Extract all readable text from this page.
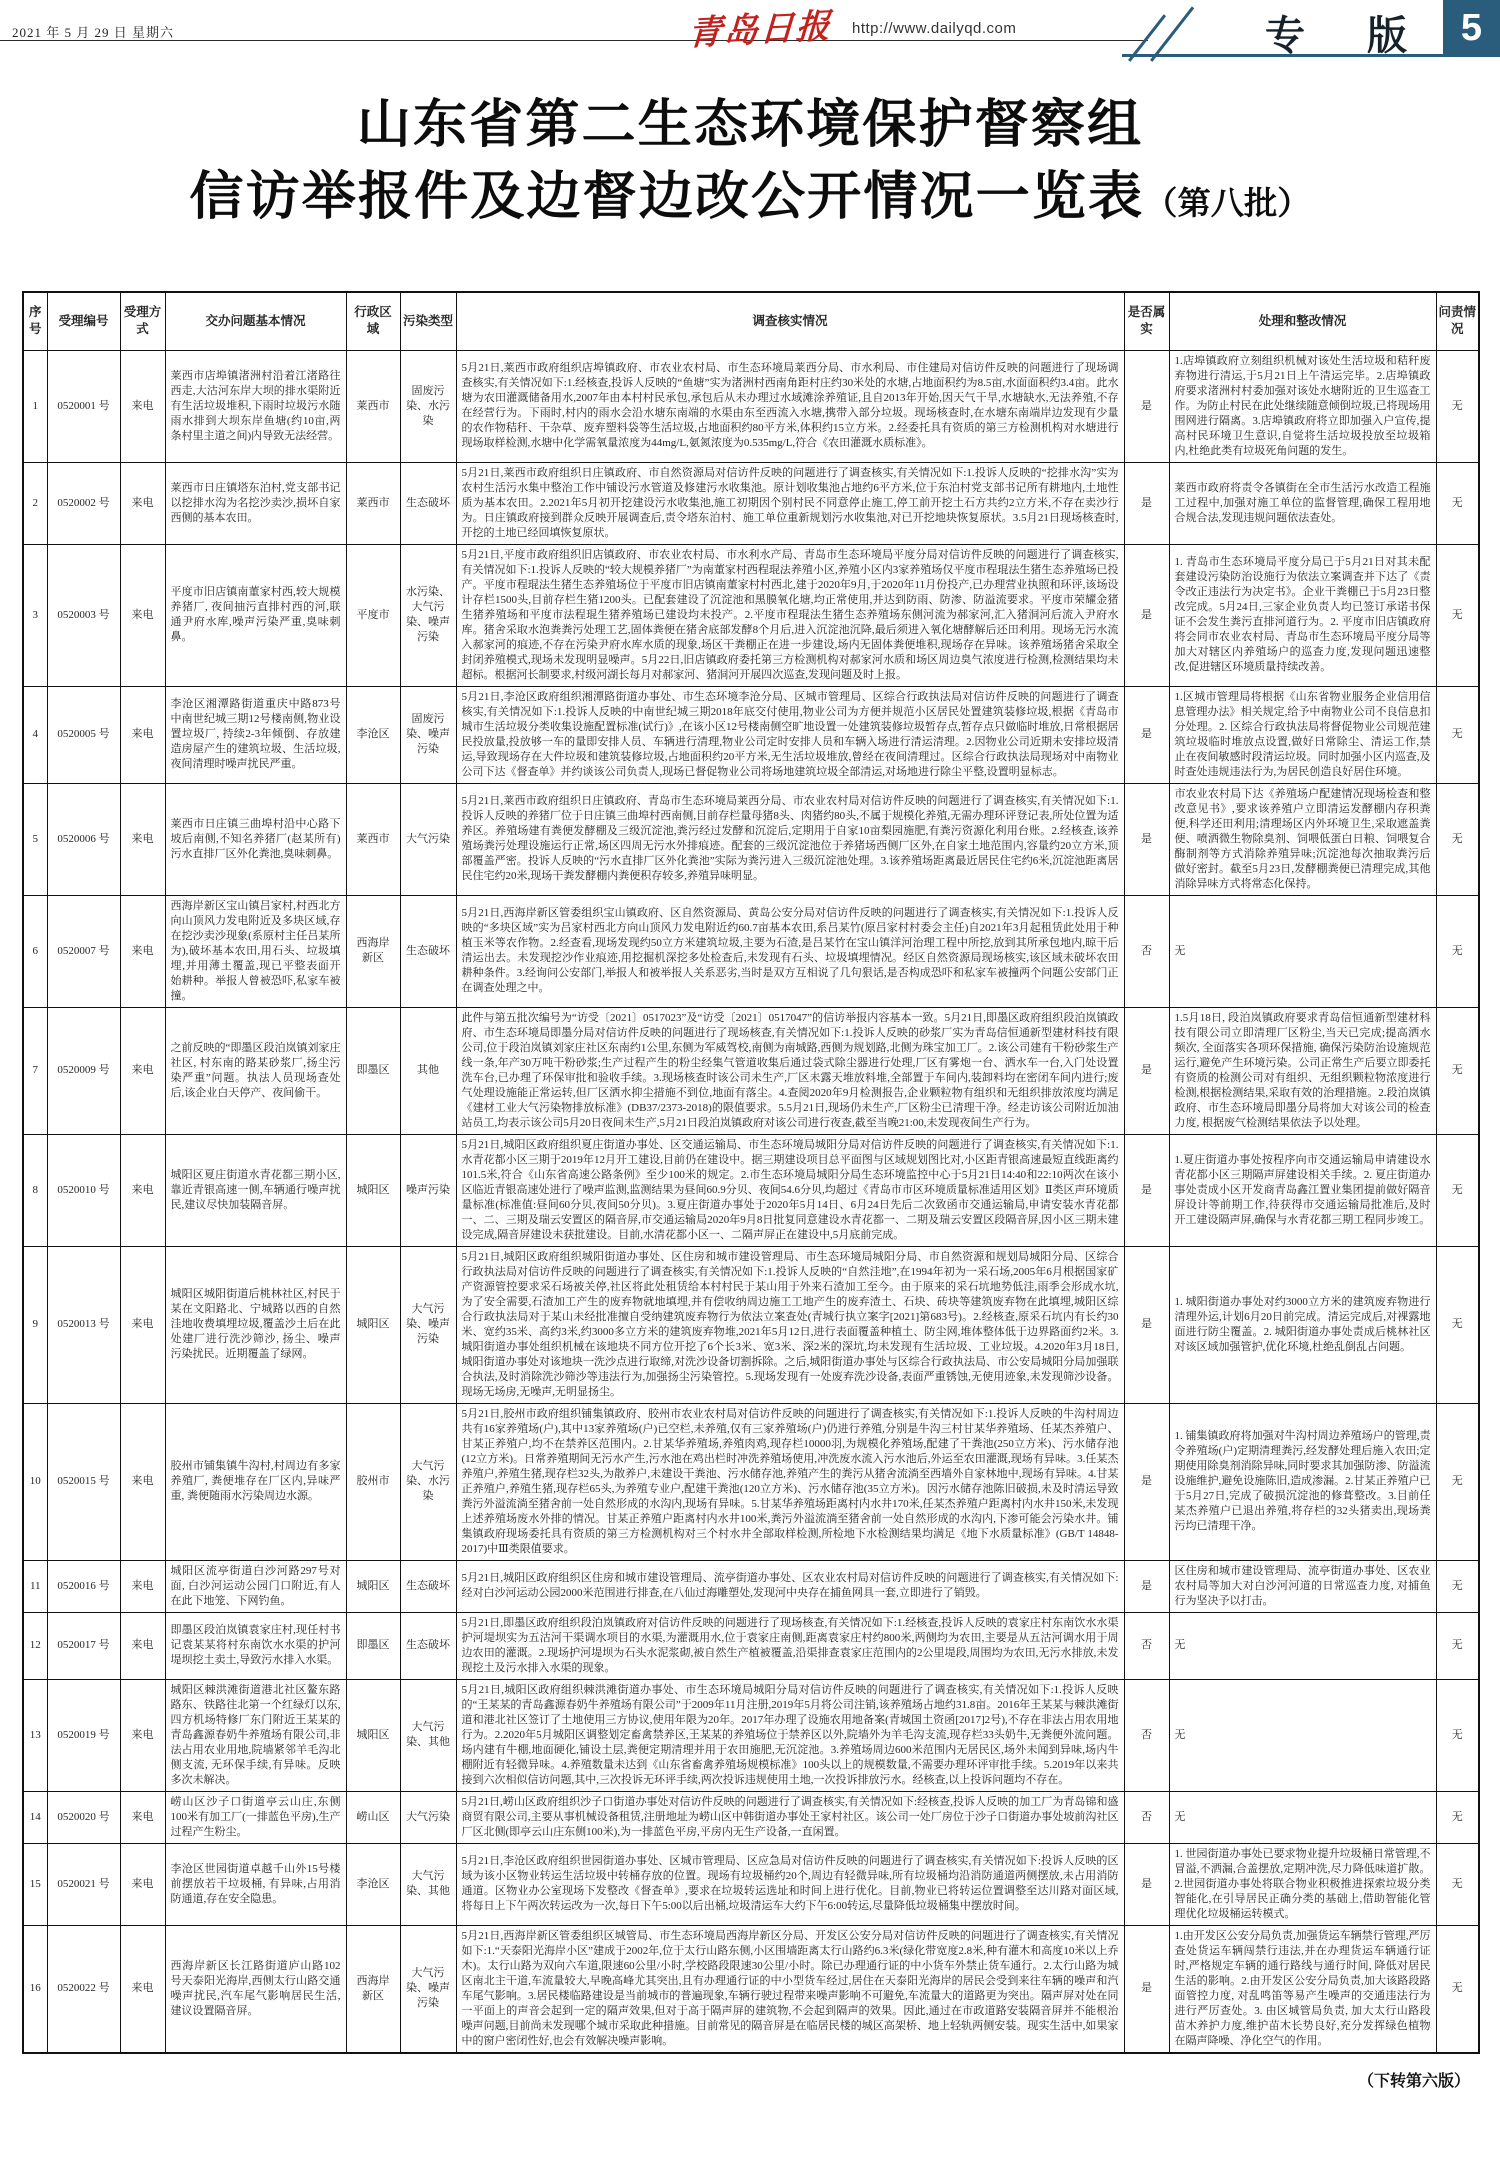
2021 年 5 月 29 日 星期六	青岛日报 http://www.dailyqd.com	专 版 5
山东省第二生态环境保护督察组
信访举报件及边督边改公开情况一览表（第八批）
序号	受理编号	受理方式	交办问题基本情况	行政区域	污染类型	调查核实情况	是否属实	处理和整改情况	问责情况
1	0520001 号	来电	莱西市店埠镇渚洲村沿着江渚路往西走,大沽河东岸大坝的排水渠附近有生活垃圾堆积,下雨时垃圾污水随雨水排到大坝东岸鱼塘(约10亩,两条村里主道之间)内导致无法经营。	莱西市	固废污染、水污染	5月21日,莱西市政府组织店埠镇政府、市农业农村局、市生态环境局莱西分局、市水利局、市住建局对信访件反映的问题进行了现场调查核实,有关情况如下:1.经核查,投诉人反映的“鱼塘”实为渚洲村西南角距村庄约30米处的水塘,占地面积约为8.5亩,水面面积约3.4亩。此水塘为农田灌溉储备用水,2007年由本村村民承包,承包后从未办理过水域滩涂养殖证,且自2013年开始,因天气干旱,水塘缺水,无法养殖,不存在经营行为。下雨时,村内的雨水会沿水塘东南端的水渠由东至西流入水塘,携带入部分垃圾。现场核查时,在水塘东南端岸边发现有少量的农作物秸秆、干杂草、废弃塑料袋等生活垃圾,占地面积约80平方米,体积约15立方米。2.经委托具有资质的第三方检测机构对水塘进行现场取样检测,水塘中化学需氧量浓度为44mg/L,氨氮浓度为0.535mg/L,符合《农田灌溉水质标准》。	是	1.店埠镇政府立刻组织机械对该处生活垃圾和秸秆废弃物进行清运,于5月21日上午清运完毕。2.店埠镇政府要求渚洲村村委加强对该处水塘附近的卫生巡查工作。为防止村民在此处继续随意倾倒垃圾,已将现场用围网进行隔离。3.店埠镇政府将立即加强入户宣传,提高村民环境卫生意识,自觉将生活垃圾投放至垃圾箱内,杜绝此类有垃圾死角问题的发生。	无
2	0520002 号	来电	莱西市日庄镇塔东泊村,党支部书记以挖排水沟为名挖沙卖沙,损坏自家西侧的基本农田。	莱西市	生态破坏	5月21日,莱西市政府组织日庄镇政府、市自然资源局对信访件反映的问题进行了调查核实,有关情况如下:1.投诉人反映的“挖排水沟”实为农村生活污水集中整治工作中铺设污水管道及修建污水收集池。原计划收集池占地约6平方米,位于东泊村党支部书记所有耕地内,土地性质为基本农田。2.2021年5月初开挖建设污水收集池,施工初期因个别村民不同意停止施工,停工前开挖土石方共约2立方米,不存在卖沙行为。日庄镇政府接到群众反映开展调查后,责令塔东泊村、施工单位重新规划污水收集池,对已开挖地块恢复原状。3.5月21日现场核查时,开挖的土地已经回填恢复原状。	是	莱西市政府将责令各镇街在全市生活污水改造工程施工过程中,加强对施工单位的监督管理,确保工程用地合规合法,发现违规问题依法查处。	无
3	0520003 号	来电	平度市旧店镇南董家村西,较大规模养猪厂, 夜间抽污直排村西的河,联通尹府水库,噪声污染严重,臭味刺鼻。	平度市	水污染、大气污染、噪声污染	5月21日,平度市政府组织旧店镇政府、市农业农村局、市水利水产局、青岛市生态环境局平度分局对信访件反映的问题进行了调查核实,有关情况如下:1.投诉人反映的“较大规模养猪厂”为南董家村西程琨法养殖小区,养殖小区内3家养殖场仅平度市程琨法生猪生态养殖场已投产。平度市程琨法生猪生态养殖场位于平度市旧店镇南董家村村西北,建于2020年9月,于2020年11月份投产,已办理营业执照和环评,该场设计存栏1500头,目前存栏生猪1200头。已配套建设了沉淀池和黑膜氧化塘,均正常使用,并达到防雨、防渗、防溢流要求。平度市荣耀金猪生猪养殖场和平度市法程琨生猪养殖场已建设均未投产。2.平度市程琨法生猪生态养殖场东侧河流为郝家河,汇入猪洞河后流入尹府水库。猪舍采取水泡粪粪污处理工艺,固体粪便在猪舍底部发酵8个月后,进入沉淀池沉降,最后须进入氧化塘酵解后还田利用。现场无污水流入郝家河的痕迹,不存在污染尹府水库水质的现象,场区干粪棚正在进一步建设,场内无固体粪便堆积,现场存在异味。该养殖场猪舍采取全封闭养殖模式,现场未发现明显噪声。5月22日,旧店镇政府委托第三方检测机构对郝家河水质和场区周边臭气浓度进行检测,检测结果均未超标。根据河长制要求,村级河湖长每月对郝家河、猪洞河开展四次巡查,发现问题及时上报。	是	1. 青岛市生态环境局平度分局已于5月21日对其未配套建设污染防治设施行为依法立案调查并下达了《责令改正违法行为决定书》。企业干粪棚已于5月23日整改完成。5月24日,三家企业负责人均已签订承诺书保证不会发生粪污直排河道行为。2. 平度市旧店镇政府将会同市农业农村局、青岛市生态环境局平度分局等加大对辖区内养殖场户的巡查力度,发现问题迅速整改,促进辖区环境质量持续改善。	无
4	0520005 号	来电	李沧区湘潭路街道重庆中路873号中南世纪城三期12号楼南侧,物业设置垃圾厂, 持续2-3年倾倒、存放建造房屋产生的建筑垃圾、生活垃圾,夜间清理时噪声扰民严重。	李沧区	固废污染、噪声污染	5月21日,李沧区政府组织湘潭路街道办事处、市生态环境李沧分局、区城市管理局、区综合行政执法局对信访件反映的问题进行了调查核实,有关情况如下:1.投诉人反映的中南世纪城三期2018年底交付使用,物业公司为方便并规范小区居民处置建筑装修垃圾,根据《青岛市城市生活垃圾分类收集设施配置标准(试行)》,在该小区12号楼南侧空旷地设置一处建筑装修垃圾暂存点,暂存点只做临时堆放,日常根据居民投放量,投放够一车的量即安排人员、车辆进行清理,物业公司定时安排人员和车辆入场进行清运清理。2.因物业公司近期未安排垃圾清运,导致现场存在大件垃圾和建筑装修垃圾,占地面积约20平方米,无生活垃圾堆放,曾经在夜间清理过。区综合行政执法局现场对中南物业公司下达《督查单》并约谈该公司负责人,现场已督促物业公司将场地建筑垃圾全部清运,对场地进行除尘平整,设置明显标志。	是	1.区城市管理局将根据《山东省物业服务企业信用信息管理办法》相关规定,给予中南物业公司不良信息扣分处理。2. 区综合行政执法局将督促物业公司规范建筑垃圾临时堆放点设置,做好日常除尘、清运工作,禁止在夜间敏感时段清运垃圾。同时加强小区内巡查,及时查处违规违法行为,为居民创造良好居住环境。	无
5	0520006 号	来电	莱西市日庄镇三曲埠村沿中心路下坡后南侧,不知名养猪厂(赵某所有)污水直排厂区外化粪池,臭味刺鼻。	莱西市	大气污染	5月21日,莱西市政府组织日庄镇政府、青岛市生态环境局莱西分局、市农业农村局对信访件反映的问题进行了调查核实,有关情况如下:1.投诉人反映的养猪厂位于日庄镇三曲埠村西南侧,目前存栏量母猪8头、肉猪约80头,不属于规模化养殖,无需办理环评登记表,所处位置为适养区。养殖场建有粪便发酵棚及三级沉淀池,粪污经过发酵和沉淀后,定期用于自家10亩梨园施肥,有粪污资源化利用台账。2.经核查,该养殖场粪污处理设施运行正常,场区四周无污水外排痕迹。配套的三级沉淀池位于养猪场西侧厂区外,在自家土地范围内,容量约20立方米,顶部覆盖严密。投诉人反映的“污水直排厂区外化粪池”实际为粪污进入三级沉淀池处理。3.该养殖场距离最近居民住宅约6米,沉淀池距离居民住宅约20米,现场干粪发酵棚内粪便积存较多,养殖异味明显。	是	市农业农村局下达《养殖场户配建情况现场检查和整改意见书》,要求该养殖户立即清运发酵棚内存积粪便,科学还田利用;清理场区内外环境卫生,采取遮盖粪便、喷洒微生物除臭剂、饲喂低蛋白日粮、饲喂复合酶制剂等方式消除养殖异味;沉淀池每次抽取粪污后做好密封。截至5月23日,发酵棚粪便已清理完成,其他消除异味方式将常态化保持。	无
6	0520007 号	来电	西海岸新区宝山镇吕家村,村西北方向山顶风力发电附近及多块区域,存在挖沙卖沙现象(系原村主任吕某所为),破坏基本农田,用石头、垃圾填埋,并用薄土覆盖,现已平整表面开始耕种。举报人曾被恐吓,私家车被撞。	西海岸新区	生态破坏	5月21日,西海岸新区管委组织宝山镇政府、区自然资源局、黄岛公安分局对信访件反映的问题进行了调查核实,有关情况如下:1.投诉人反映的“多块区域”实为吕家村西北方向山顶风力发电附近约60.7亩基本农田,系吕某竹(原吕家村村委会主任)自2021年3月起租赁此处用于种植玉米等农作物。2.经查看,现场发现约50立方米建筑垃圾,主要为石渣,是吕某竹在宝山镇洋河治理工程中所挖,放到其所承包地内,晾干后清运出去。未发现挖沙作业痕迹,用挖掘机深挖多处检查后,未发现有石头、垃圾填埋情况。经区自然资源局现场核实,该区域未破坏农田耕种条件。3.经询问公安部门,举报人和被举报人关系恶劣,当时是双方互相说了几句狠话,是否构成恐吓和私家车被撞两个问题公安部门正在调查处理之中。	否	无	无
7	0520009 号	来电	之前反映的“即墨区段泊岚镇刘家庄社区, 村东南的路某砂浆厂,扬尘污染严重”问题。执法人员现场查处后,该企业白天停产、夜间偷干。	即墨区	其他	此件与第五批次编号为“访受〔2021〕0517023”及“访受〔2021〕0517047”的信访举报内容基本一致。5月21日,即墨区政府组织段泊岚镇政府、市生态环境局即墨分局对信访件反映的问题进行了现场核查,有关情况如下:1.投诉人反映的砂浆厂实为青岛信恒通新型建材科技有限公司,位于段泊岚镇刘家庄社区东南约1公里,东侧为军威驾校,南侧为南城路,西侧为规划路,北侧为珠宝加工厂。2.该公司建有干粉砂浆生产线一条,年产30万吨干粉砂浆;生产过程产生的粉尘经集气管道收集后通过袋式除尘器进行处理,厂区有雾炮一台、洒水车一台,入门处设置洗车台,已办理了环保审批和验收手续。3.现场核查时该公司未生产,厂区未露天堆放料堆,全部置于车间内,装卸料均在密闭车间内进行;废气处理设施能正常运转,但厂区洒水抑尘措施不到位,地面有落尘。4.查阅2020年9月检测报告,企业颗粒物有组织和无组织排放浓度均满足《建材工业大气污染物排放标准》(DB37/2373-2018)的限值要求。5.5月21日,现场仍未生产,厂区粉尘已清理干净。经走访该公司附近加油站员工,均表示该公司5月20日夜间未生产,5月21日段泊岚镇政府对该公司进行夜查,截至当晚21:00,未发现夜间生产行为。	是	1.5月18日, 段泊岚镇政府要求青岛信恒通新型建材科技有限公司立即清理厂区粉尘,当天已完成;提高洒水频次, 全面落实各项环保措施, 确保污染防治设施规范运行,避免产生环境污染。公司正常生产后要立即委托有资质的检测公司对有组织、无组织颗粒物浓度进行检测,根据检测结果,采取有效的治理措施。2.段泊岚镇政府、市生态环境局即墨分局将加大对该公司的检查力度, 根据废气检测结果依法予以处理。	无
8	0520010 号	来电	城阳区夏庄街道水青花都三期小区,靠近青银高速一侧,车辆通行噪声扰民,建议尽快加装隔音屏。	城阳区	噪声污染	5月21日,城阳区政府组织夏庄街道办事处、区交通运输局、市生态环境局城阳分局对信访件反映的问题进行了调查核实,有关情况如下:1.水青花都小区三期于2019年12月开工建设,目前仍在建设中。据三期建设项目总平面图与区域规划图比对,小区距青银高速最短直线距离约101.5米,符合《山东省高速公路条例》至少100米的规定。2.市生态环境局城阳分局生态环境监控中心于5月21日14:40和22:10两次在该小区临近青银高速处进行了噪声监测,监测结果为昼间60.9分贝、夜间54.6分贝,均超过《青岛市市区环境质量标准适用区划》Ⅱ类区声环境质量标准(标准值:昼间60分贝,夜间50分贝)。3.夏庄街道办事处于2020年5月14日、6月24日先后二次致函市交通运输局,申请安装水青花都一、二、三期及瑞云安置区的隔音屏,市交通运输局2020年9月8日批复同意建设水青花都一、二期及瑞云安置区段隔音屏,因小区三期未建设完成,隔音屏建设未获批建设。目前,水清花都小区一、二隔声屏正在建设中,5月底前完成。	是	1.夏庄街道办事处按程序向市交通运输局申请建设水青花都小区三期隔声屏建设相关手续。2. 夏庄街道办事处责成小区开发商青岛鑫江置业集团提前做好隔音屏设计等前期工作,待获得市交通运输局批准后,及时开工建设隔声屏,确保与水青花都三期工程同步竣工。	无
9	0520013 号	来电	城阳区城阳街道后桃林社区,村民于某在文阳路北、宁城路以西的自然洼地收费填埋垃圾,覆盖沙土后在此处建厂进行洗沙筛沙, 扬尘、噪声污染扰民。近期覆盖了绿网。	城阳区	大气污染、噪声污染	5月21日,城阳区政府组织城阳街道办事处、区住房和城市建设管理局、市生态环境局城阳分局、市自然资源和规划局城阳分局、区综合行政执法局对信访件反映的问题进行了调查核实,有关情况如下:1.投诉人反映的“自然洼地”,在1994年初为一采石场,2005年6月根据国家矿产资源管控要求采石场被关停,社区将此处租赁给本村村民于某山用于外来石渣加工至今。由于原来的采石坑地势低洼,雨季会形成水坑,为了安全需要,石渣加工产生的废弃物就地填埋,并有偿收纳周边施工工地产生的废弃渣土、石块、砖块等建筑废弃物在此填埋,城阳区综合行政执法局对于某山未经批准擅自受纳建筑废弃物行为依法立案查处(青城行执立案字[2021]第683号)。2.经核查,原采石坑内有长约30米、宽约35米、高约3米,约3000多立方米的建筑废弃物堆,2021年5月12日,进行表面覆盖种植土、防尘网,堆体整体低于边界路面约2米。3.城阳街道办事处组织机械在该地块不同方位开挖了6个长3米、宽3米、深2米的深坑,均未发现有生活垃圾、工业垃圾。4.2020年3月18日,城阳街道办事处对该地块一洗沙点进行取缔,对洗沙设备切割拆除。之后,城阳街道办事处与区综合行政执法局、市公安局城阳分局加强联合执法,及时消除洗沙筛沙等违法行为,加强扬尘污染管控。5.现场发现有一处废弃洗沙设备,表面严重锈蚀,无使用迹象,未发现筛沙设备。现场无场房,无噪声,无明显扬尘。	是	1. 城阳街道办事处对约3000立方米的建筑废弃物进行清理外运,计划6月20日前完成。清运完成后,对裸露地面进行防尘覆盖。2. 城阳街道办事处责成后桃林社区对该区域加强管护,优化环境,杜绝乱倒乱占问题。	无
10	0520015 号	来电	胶州市铺集镇牛沟村,村周边有多家养殖厂, 粪便堆存在厂区内,异味严重, 粪便随雨水污染周边水源。	胶州市	大气污染、水污染	5月21日,胶州市政府组织铺集镇政府、胶州市农业农村局对信访件反映的问题进行了调查核实,有关情况如下:1.投诉人反映的牛沟村周边共有16家养殖场(户),其中13家养殖场(户)已空栏,未养殖,仅有三家养殖场(户)仍进行养殖,分别是牛沟三村甘某华养殖场、任某杰养殖户、甘某正养殖户,均不在禁养区范围内。2.甘某华养殖场,养殖肉鸡,现存栏10000羽,为规模化养殖场,配建了干粪池(250立方米)、污水储存池(12立方米)。日常养殖期间无污水产生,污水池在鸡出栏时冲洗养殖场使用,冲洗废水流入污水池后,外运至农田灌溉,现场有异味。3.任某杰养殖户,养殖生猪,现存栏32头,为散养户,未建设干粪池、污水储存池,养殖产生的粪污从猪舍流淌至西墙外自家林地中,现场有异味。4.甘某正养殖户,养殖生猪,现存栏65头,为养殖专业户,配建干粪池(120立方米)、污水储存池(35立方米)。因污水储存池陈旧破损,未及时清运导致粪污外溢流淌至猪舍前一处自然形成的水沟内,现场有异味。5.甘某华养殖场距离村内水井170米,任某杰养殖户距离村内水井150米,未发现上述养殖场废水外排的情况。甘某正养殖户距离村内水井100米,粪污外溢流淌至猪舍前一处自然形成的水沟内,下渗可能会污染水井。铺集镇政府现场委托具有资质的第三方检测机构对三个村水井全部取样检测,所检地下水检测结果均满足《地下水质量标准》(GB/T 14848-2017)中Ⅲ类限值要求。	是	1. 铺集镇政府将加强对牛沟村周边养殖场户的管理,责令养殖场(户)定期清理粪污,经发酵处理后施入农田;定期使用除臭剂消除异味,同时要求其加强防渗、防溢流设施维护,避免设施陈旧,造成渗漏。2.甘某正养殖户已于5月27日,完成了破损沉淀池的修葺整改。3.目前任某杰养殖户已退出养殖,将存栏的32头猪卖出,现场粪污均已清理干净。	无
11	0520016 号	来电	城阳区流亭街道白沙河路297号对面, 白沙河运动公园门口附近,有人在此下地笼、下网钓鱼。	城阳区	生态破坏	5月21日,城阳区政府组织区住房和城市建设管理局、流亭街道办事处、区农业农村局对信访件反映的问题进行了调查核实,有关情况如下:经对白沙河运动公园2000米范围进行排查,在八仙过海雕塑处,发现河中央存在捕鱼网具一套,立即进行了销毁。	是	区住房和城市建设管理局、流亭街道办事处、区农业农村局等加大对白沙河河道的日常巡查力度, 对捕鱼行为坚决予以打击。	无
12	0520017 号	来电	即墨区段泊岚镇袁家庄村,现任村书记袁某某将村东南饮水水渠的护河堤坝挖土卖土,导致污水排入水渠。	即墨区	生态破坏	5月21日,即墨区政府组织段泊岚镇政府对信访件反映的问题进行了现场核查,有关情况如下:1.经核查,投诉人反映的袁家庄村东南饮水水渠护河堤坝实为五沽河干渠调水项目的水渠,为灌溉用水,位于袁家庄南侧,距离袁家庄村约800米,两侧均为农田,主要是从五沽河调水用于周边农田的灌溉。2.现场护河堤坝为石头水泥浆砌,被自然生产植被覆盖,沿渠排查袁家庄范围内的2公里堤段,周围均为农田,无污水排放,未发现挖土及污水排入水渠的现象。	否	无	无
13	0520019 号	来电	城阳区棘洪滩街道港北社区鳌东路路东、铁路往北第一个红绿灯以东,四方机场特修厂东门附近王某某的青岛鑫源春奶牛养殖场有限公司,非法占用农业用地,院墙紧邻羊毛沟北侧支流, 无环保手续,有异味。反映多次未解决。	城阳区	大气污染、其他	5月21日,城阳区政府组织棘洪滩街道办事处、市生态环境局城阳分局对信访件反映的问题进行了调查核实,有关情况如下:1.投诉人反映的“王某某的青岛鑫源春奶牛养殖场有限公司”于2009年11月注册,2019年5月将公司注销,该养殖场占地约31.8亩。2016年王某某与棘洪滩街道和港北社区签订了土地使用三方协议,使用年限为20年。2017年办理了设施农用地备案(青城国土资函[2017]2号),不存在非法占用农用地行为。2.2020年5月城阳区调整划定畜禽禁养区,王某某的养殖场位于禁养区以外,院墙外为羊毛沟支流,现存栏33头奶牛,无粪便外流问题。场内建有牛棚,地面硬化,铺设土层,粪便定期清理并用于农田施肥,无沉淀池。3.养殖场周边600米范围内无居民区,场外未闻到异味,场内牛棚附近有轻微异味。4.养殖数量未达到《山东省畜禽养殖场规模标准》100头以上的规模数量,不需要办理环评审批手续。5.2019年以来共接到六次相似信访问题,其中,三次投诉无环评手续,两次投诉违规使用土地,一次投诉排放污水。经核查,以上投诉问题均不存在。	否	无	无
14	0520020 号	来电	崂山区沙子口街道亭云山庄,东侧100米有加工厂(一排蓝色平房),生产过程产生粉尘。	崂山区	大气污染	5月21日,崂山区政府组织沙子口街道办事处对信访件反映的问题进行了调查核实,有关情况如下:经核查,投诉人反映的加工厂为青岛锦和盛商贸有限公司,主要从事机械设备租赁,注册地址为崂山区中韩街道办事处王家村社区。该公司一处厂房位于沙子口街道办事处坡前沟社区厂区北侧(即亭云山庄东侧100米),为一排蓝色平房,平房内无生产设备,一直闲置。	否	无	无
15	0520021 号	来电	李沧区世园街道卓越千山外15号楼前摆放若干垃圾桶, 有异味,占用消防通道,存在安全隐患。	李沧区	大气污染、其他	5月21日,李沧区政府组织世园街道办事处、区城市管理局、区应急局对信访件反映的问题进行了调查核实,有关情况如下:投诉人反映的区域为该小区物业转运生活垃圾中转桶存放的位置。现场有垃圾桶约20个,周边有轻微异味,所有垃圾桶均沿消防通道两侧摆放,未占用消防通道。区物业办公室现场下发整改《督查单》,要求在垃圾转运选址和时间上进行优化。目前,物业已将转运位置调整至达川路对面区域,将每日上下午两次转运改为一次,每日下午5:00以后出桶,垃圾清运车大约下午6:00转运,尽量降低垃圾桶集中摆放时间。	是	1. 世园街道办事处已要求物业提升垃圾桶日常管理,不冒溢,不洒漏,合盖摆放,定期冲洗,尽力降低味道扩散。2.世园街道办事处将联合物业积极推进探索垃圾分类智能化,在引导居民正确分类的基础上,借助智能化管理优化垃圾桶运转模式。	无
16	0520022 号	来电	西海岸新区长江路街道庐山路102号天泰阳光海岸,西侧太行山路交通噪声扰民,汽车尾气影响居民生活,建议设置隔音屏。	西海岸新区	大气污染、噪声污染	5月21日,西海岸新区管委组织区城管局、市生态环境局西海岸新区分局、开发区公安分局对信访件反映的问题进行了调查核实,有关情况如下:1.“天泰阳光海岸小区”建成于2002年,位于太行山路东侧,小区围墙距离太行山路约6.3米(绿化带宽度2.8米,种有灌木和高度10米以上乔木)。太行山路为双向六车道,限速60公里/小时,学校路段限速30公里/小时。除已办理通行证的中小货车外禁止货车通行。2.太行山路为城区南北主干道,车流量较大,早晚高峰尤其突出,且有办理通行证的中小型货车经过,居住在天泰阳光海岸的居民会受到来往车辆的噪声和汽车尾气影响。3.居民楼临路建设是当前城市的普遍现象,车辆行驶过程带来噪声影响不可避免,车流量大的道路更为突出。隔声屏对处在同一平面上的声音会起到一定的隔声效果,但对于高于隔声屏的建筑物,不会起到隔声的效果。因此,通过在市政道路安装隔音屏并不能根治噪声问题,目前尚未发现哪个城市采取此种措施。目前常见的隔音屏是在临居民楼的城区高架桥、地上轻轨两侧安装。现实生活中,如果家中的窗户密闭性好,也会有效解决噪声影响。	是	1.由开发区公安分局负责,加强货运车辆禁行管理,严厉查处货运车辆闯禁行违法,并在办理货运车辆通行证时,严格规定车辆的通行路线与通行时间, 降低对居民生活的影响。2.由开发区公安分局负责,加大该路段路面管控力度, 对乱鸣笛等易产生噪声的交通违法行为进行严厉查处。3. 由区城管局负责, 加大太行山路段苗木养护力度,维护苗木长势良好,充分发挥绿色植物在隔声降噪、净化空气的作用。	无
（下转第六版）
